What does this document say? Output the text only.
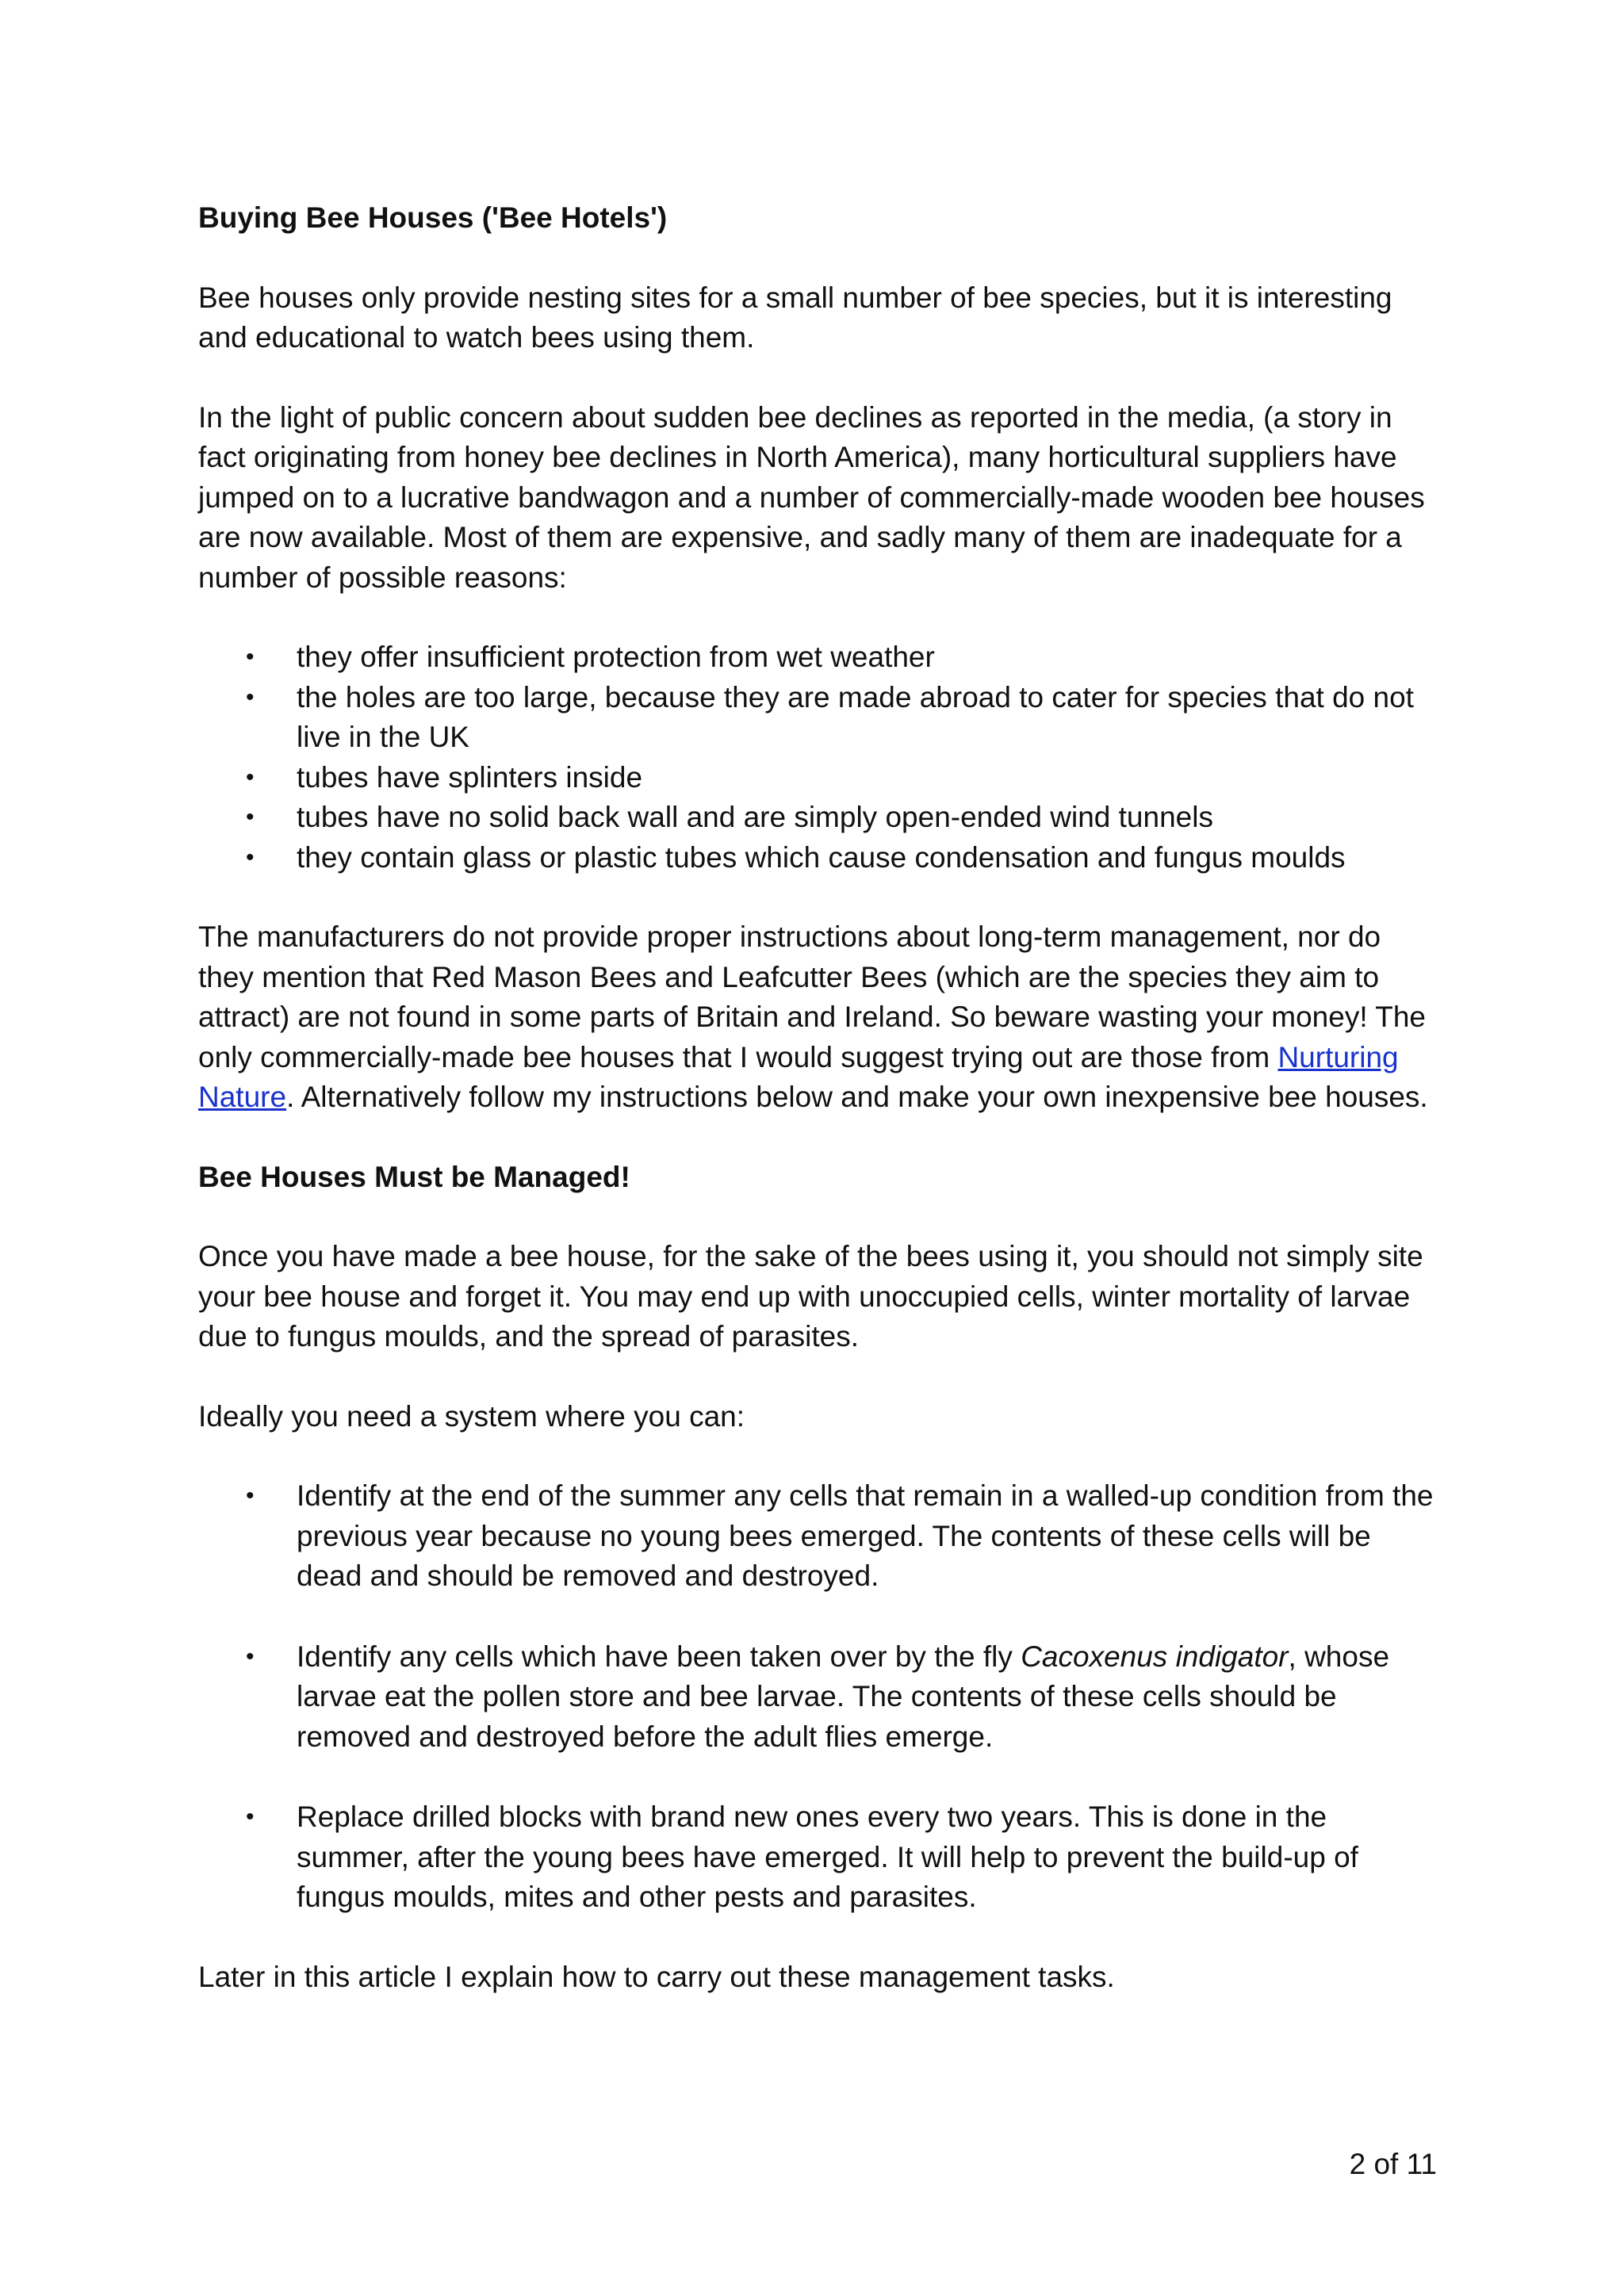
Buying Bee Houses ('Bee Hotels')

Bee houses only provide nesting sites for a small number of bee species, but it is interesting and educational to watch bees using them.

In the light of public concern about sudden bee declines as reported in the media, (a story in fact originating from honey bee declines in North America), many horticultural suppliers have jumped on to a lucrative bandwagon and a number of commercially-made wooden bee houses are now available. Most of them are expensive, and sadly many of them are inadequate for a number of possible reasons:

• they offer insufficient protection from wet weather
• the holes are too large, because they are made abroad to cater for species that do not live in the UK
• tubes have splinters inside
• tubes have no solid back wall and are simply open-ended wind tunnels
• they contain glass or plastic tubes which cause condensation and fungus moulds

The manufacturers do not provide proper instructions about long-term management, nor do they mention that Red Mason Bees and Leafcutter Bees (which are the species they aim to attract) are not found in some parts of Britain and Ireland. So beware wasting your money! The only commercially-made bee houses that I would suggest trying out are those from Nurturing Nature. Alternatively follow my instructions below and make your own inexpensive bee houses.

Bee Houses Must be Managed!

Once you have made a bee house, for the sake of the bees using it, you should not simply site your bee house and forget it. You may end up with unoccupied cells, winter mortality of larvae due to fungus moulds, and the spread of parasites.

Ideally you need a system where you can:

• Identify at the end of the summer any cells that remain in a walled-up condition from the previous year because no young bees emerged. The contents of these cells will be dead and should be removed and destroyed.
• Identify any cells which have been taken over by the fly Cacoxenus indigator, whose larvae eat the pollen store and bee larvae. The contents of these cells should be removed and destroyed before the adult flies emerge.
• Replace drilled blocks with brand new ones every two years. This is done in the summer, after the young bees have emerged. It will help to prevent the build-up of fungus moulds, mites and other pests and parasites.

Later in this article I explain how to carry out these management tasks.

2 of 11
